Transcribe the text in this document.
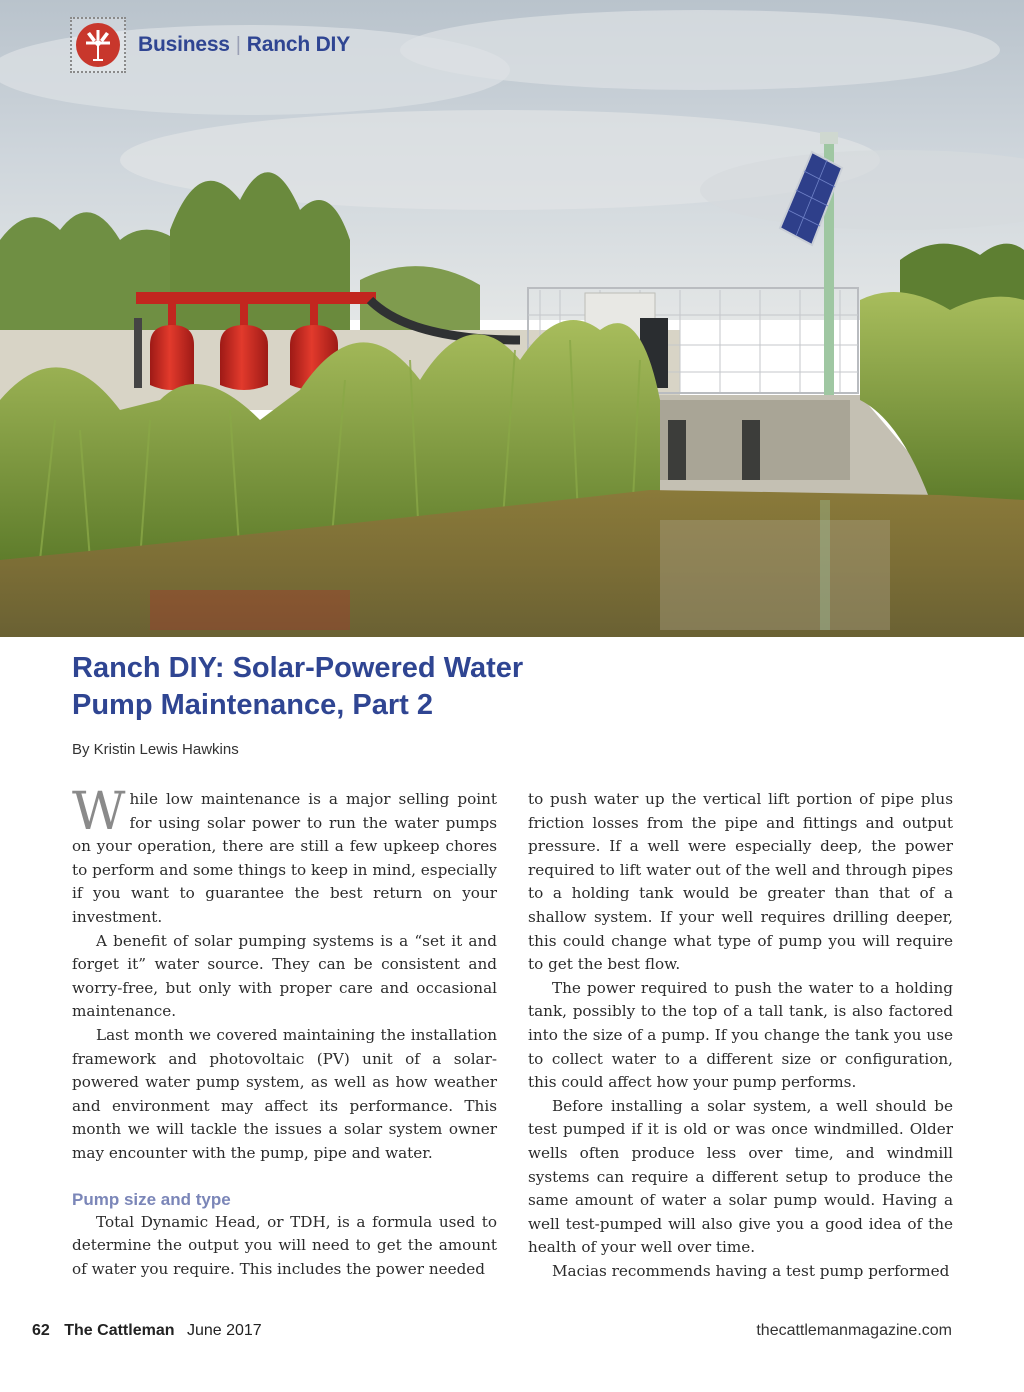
Business | Ranch DIY
Ranch DIY: Solar-Powered Water
Pump Maintenance, Part 2

By Kristin Lewis Hawkins

While low maintenance is a major selling point for using solar power to run the water pumps on your operation, there are still a few upkeep chores to perform and some things to keep in mind, especially if you want to guarantee the best return on your investment.

A benefit of solar pumping systems is a “set it and forget it” water source. They can be consistent and worry-free, but only with proper care and occasional maintenance.

Last month we covered maintaining the installation framework and photovoltaic (PV) unit of a solar-powered water pump system, as well as how weather and environment may affect its performance. This month we will tackle the issues a solar system owner may encounter with the pump, pipe and water.

Pump size and type

Total Dynamic Head, or TDH, is a formula used to determine the output you will need to get the amount of water you require. This includes the power needed

to push water up the vertical lift portion of pipe plus friction losses from the pipe and fittings and output pressure. If a well were especially deep, the power required to lift water out of the well and through pipes to a holding tank would be greater than that of a shallow system. If your well requires drilling deeper, this could change what type of pump you will require to get the best flow.

The power required to push the water to a holding tank, possibly to the top of a tall tank, is also factored into the size of a pump. If you change the tank you use to collect water to a different size or configuration, this could affect how your pump performs.

Before installing a solar system, a well should be test pumped if it is old or was once windmilled. Older wells often produce less over time, and windmill systems can require a different setup to produce the same amount of water a solar pump would. Having a well test-pumped will also give you a good idea of the health of your well over time.

Macias recommends having a test pump performed

62 The Cattleman June 2017	thecattlemanmagazine.com
